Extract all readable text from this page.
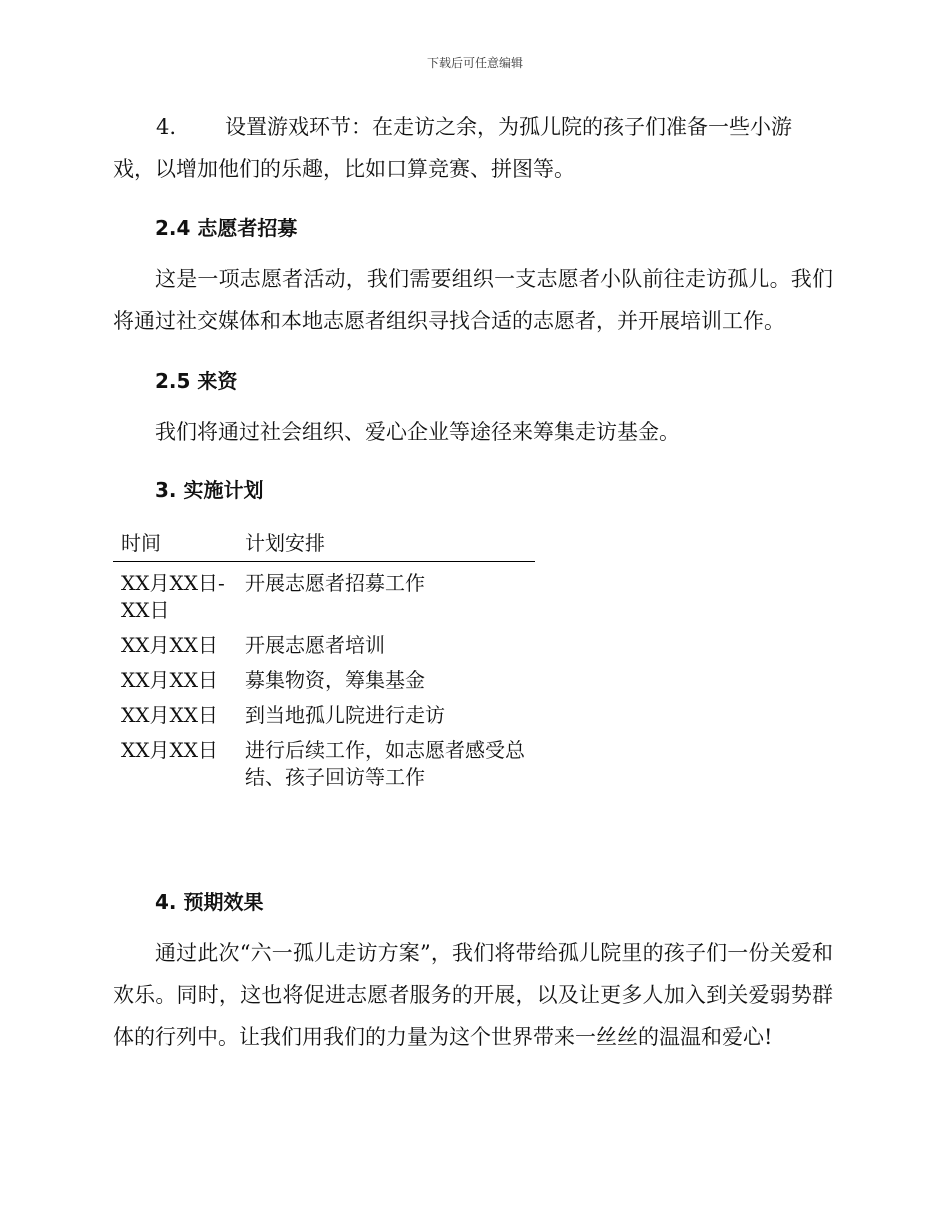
下载后可任意编辑
4. 设置游戏环节：在走访之余，为孤儿院的孩子们准备一些小游戏，以增加他们的乐趣，比如口算竞赛、拼图等。
2.4 志愿者招募
这是一项志愿者活动，我们需要组织一支志愿者小队前往走访孤儿。我们将通过社交媒体和本地志愿者组织寻找合适的志愿者，并开展培训工作。
2.5 来资
我们将通过社会组织、爱心企业等途径来筹集走访基金。
3. 实施计划
时间	计划安排
XX月XX日-XX日	开展志愿者招募工作
XX月XX日	开展志愿者培训
XX月XX日	募集物资，筹集基金
XX月XX日	到当地孤儿院进行走访
XX月XX日	进行后续工作，如志愿者感受总结、孩子回访等工作
4. 预期效果
通过此次“六一孤儿走访方案”，我们将带给孤儿院里的孩子们一份关爱和欢乐。同时，这也将促进志愿者服务的开展，以及让更多人加入到关爱弱势群体的行列中。让我们用我们的力量为这个世界带来一丝丝的温温和爱心!
